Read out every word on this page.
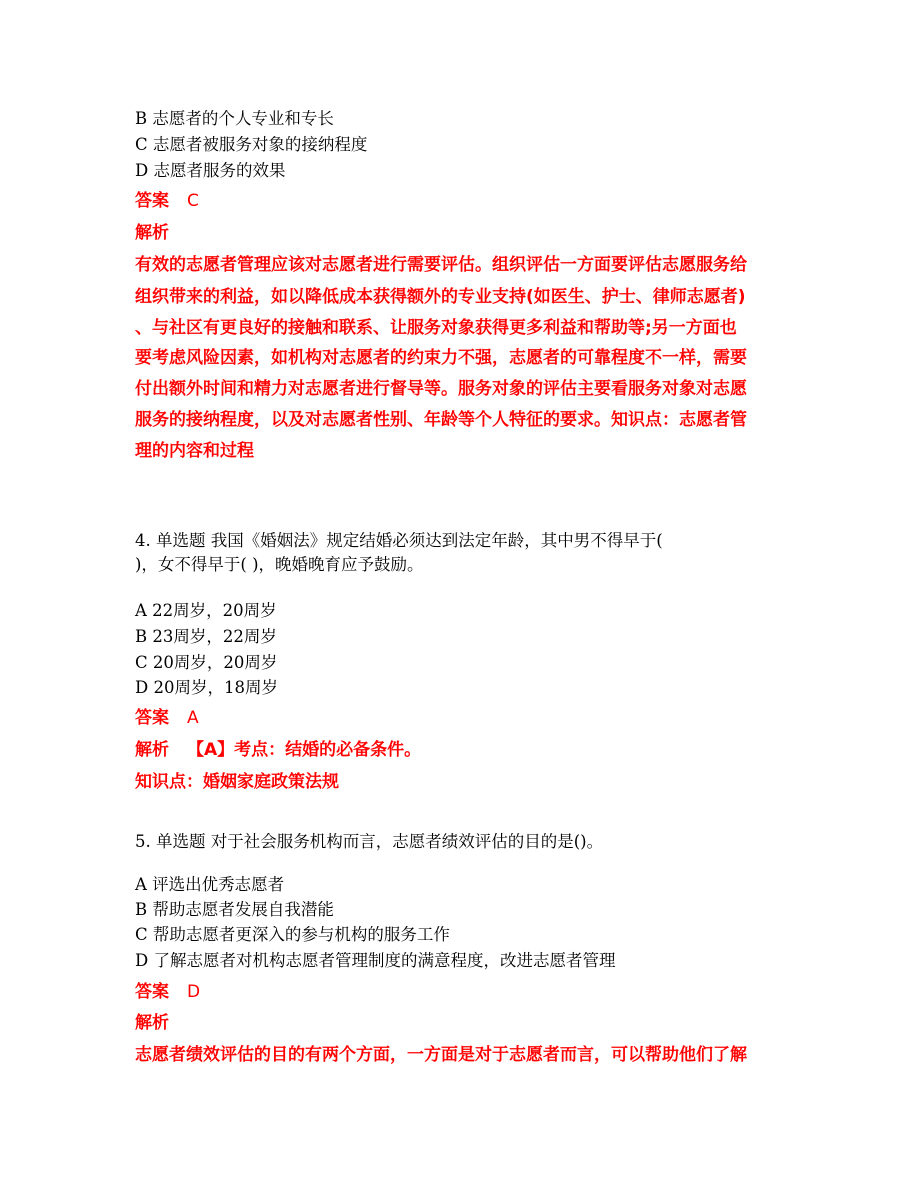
B 志愿者的个人专业和专长
C 志愿者被服务对象的接纳程度
D 志愿者服务的效果
答案 C
解析
有效的志愿者管理应该对志愿者进行需要评估。组织评估一方面要评估志愿服务给
组织带来的利益，如以降低成本获得额外的专业支持(如医生、护士、律师志愿者)
、与社区有更良好的接触和联系、让服务对象获得更多利益和帮助等;另一方面也
要考虑风险因素，如机构对志愿者的约束力不强，志愿者的可靠程度不一样，需要
付出额外时间和精力对志愿者进行督导等。服务对象的评估主要看服务对象对志愿
服务的接纳程度，以及对志愿者性别、年龄等个人特征的要求。知识点：志愿者管
理的内容和过程
4. 单选题 我国《婚姻法》规定结婚必须达到法定年龄，其中男不得早于(
)，女不得早于( )，晚婚晚育应予鼓励。
A 22周岁，20周岁
B 23周岁，22周岁
C 20周岁，20周岁
D 20周岁，18周岁
答案 A
解析 【A】考点：结婚的必备条件。
知识点：婚姻家庭政策法规
5. 单选题 对于社会服务机构而言，志愿者绩效评估的目的是()。
A 评选出优秀志愿者
B 帮助志愿者发展自我潜能
C 帮助志愿者更深入的参与机构的服务工作
D 了解志愿者对机构志愿者管理制度的满意程度，改进志愿者管理
答案 D
解析
志愿者绩效评估的目的有两个方面，一方面是对于志愿者而言，可以帮助他们了解
